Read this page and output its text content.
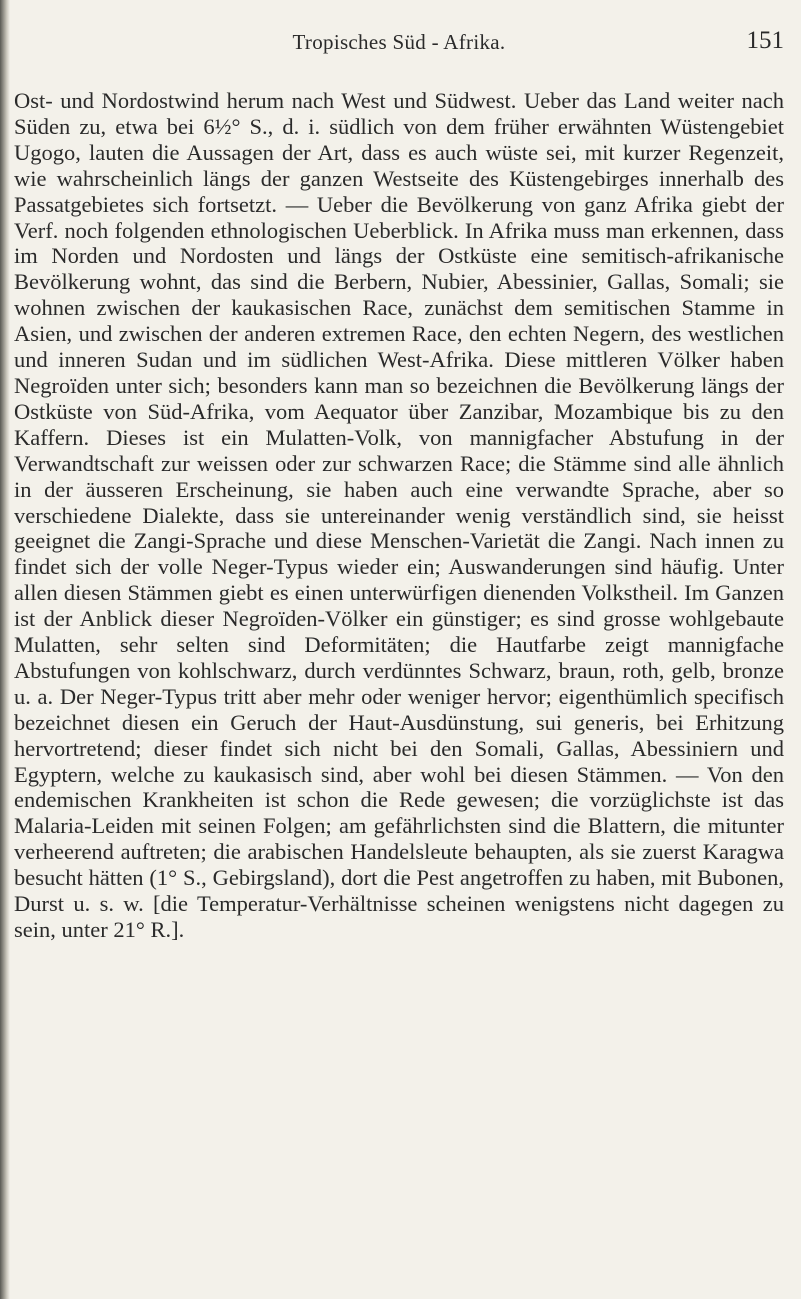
Tropisches Süd - Afrika.	151

Ost- und Nordostwind herum nach West und Südwest. Ueber das Land weiter nach Süden zu, etwa bei 6½° S., d. i. südlich von dem früher erwähnten Wüstengebiet Ugogo, lauten die Aussagen der Art, dass es auch wüste sei, mit kurzer Regenzeit, wie wahrscheinlich längs der ganzen Westseite des Küstengebirges innerhalb des Passatgebietes sich fortsetzt. — Ueber die Bevölkerung von ganz Afrika giebt der Verf. noch folgenden ethnologischen Ueberblick. In Afrika muss man erkennen, dass im Norden und Nordosten und längs der Ostküste eine semitisch-afrikanische Bevölkerung wohnt, das sind die Berbern, Nubier, Abessinier, Gallas, Somali; sie wohnen zwischen der kaukasischen Race, zunächst dem semitischen Stamme in Asien, und zwischen der anderen extremen Race, den echten Negern, des westlichen und inneren Sudan und im südlichen West-Afrika. Diese mittleren Völker haben Negroïden unter sich; besonders kann man so bezeichnen die Bevölkerung längs der Ostküste von Süd-Afrika, vom Aequator über Zanzibar, Mozambique bis zu den Kaffern. Dieses ist ein Mulatten-Volk, von mannigfacher Abstufung in der Verwandtschaft zur weissen oder zur schwarzen Race; die Stämme sind alle ähnlich in der äusseren Erscheinung, sie haben auch eine verwandte Sprache, aber so verschiedene Dialekte, dass sie untereinander wenig verständlich sind, sie heisst geeignet die Zangi-Sprache und diese Menschen-Varietät die Zangi. Nach innen zu findet sich der volle Neger-Typus wieder ein; Auswanderungen sind häufig. Unter allen diesen Stämmen giebt es einen unterwürfigen dienenden Volkstheil. Im Ganzen ist der Anblick dieser Negroïden-Völker ein günstiger; es sind grosse wohlgebaute Mulatten, sehr selten sind Deformitäten; die Hautfarbe zeigt mannigfache Abstufungen von kohlschwarz, durch verdünntes Schwarz, braun, roth, gelb, bronze u. a. Der Neger-Typus tritt aber mehr oder weniger hervor; eigenthümlich specifisch bezeichnet diesen ein Geruch der Haut-Ausdünstung, sui generis, bei Erhitzung hervortretend; dieser findet sich nicht bei den Somali, Gallas, Abessiniern und Egyptern, welche zu kaukasisch sind, aber wohl bei diesen Stämmen. — Von den endemischen Krankheiten ist schon die Rede gewesen; die vorzüglichste ist das Malaria-Leiden mit seinen Folgen; am gefährlichsten sind die Blattern, die mitunter verheerend auftreten; die arabischen Handelsleute behaupten, als sie zuerst Karagwa besucht hätten (1° S., Gebirgsland), dort die Pest angetroffen zu haben, mit Bubonen, Durst u. s. w. [die Temperatur-Verhältnisse scheinen wenigstens nicht dagegen zu sein, unter 21° R.].
